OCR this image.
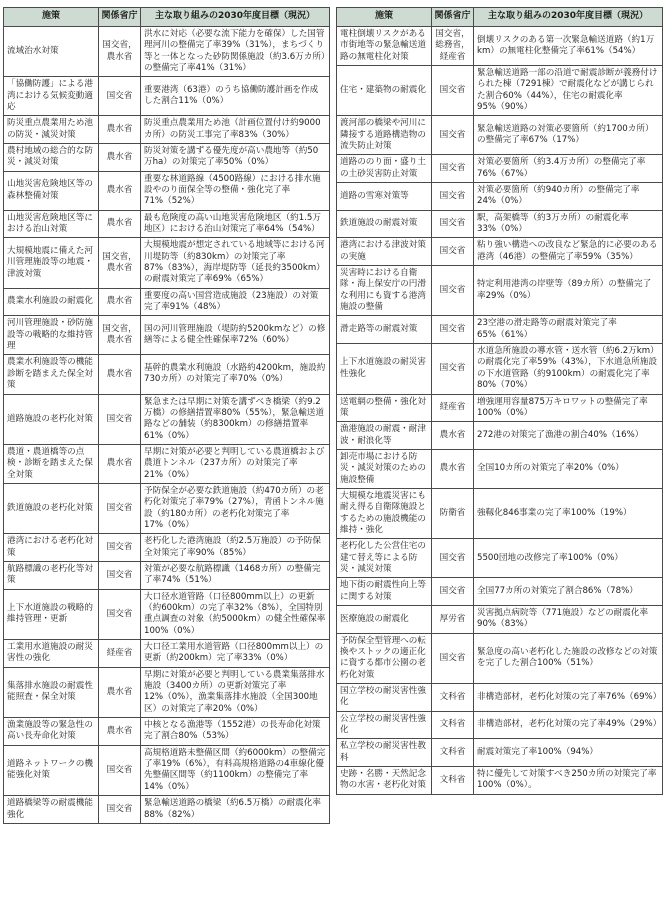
施策	関係省庁	主な取り組みの2030年度目標（現況）
流域治水対策	国交省，農水省	洪水に対応（必要な流下能力を確保）した国管理河川の整備完了率39%（31%），まちづくり等と一体となった砂防関係施設（約3.6万カ所）の整備完了率41%（31%）
「協働防護」による港湾における気候変動適応	国交省	重要港湾（63港）のうち協働防護計画を作成した割合11%（0%）
防災重点農業用ため池の防災・減災対策	農水省	防災重点農業用ため池（計画位置付け約9000カ所）の防災工事完了率83%（30%）
農村地域の総合的な防災・減災対策	農水省	防災対策を講ずる優先度が高い農地等（約50万ha）の対策完了率50%（0%）
山地災害危険地区等の森林整備対策	農水省	重要な林道路線（4500路線）における排水施設やのり面保全等の整備・強化完了率71%（52%）
山地災害危険地区等における治山対策	農水省	最も危険度の高い山地災害危険地区（約1.5万地区）における治山対策完了率64%（54%）
大規模地震に備えた河川管理施設等の地震・津波対策	国交省，農水省	大規模地震が想定されている地域等における河川堤防等（約830km）の対策完了率87%（83%），海岸堤防等（延長約3500km）の耐震対策完了率69%（65%）
農業水利施設の耐震化	農水省	重要度の高い国営造成施設（23施設）の対策完了率91%（48%）
河川管理施設・砂防施設等の戦略的な維持管理	国交省，農水省	国の河川管理施設（堤防約5200kmなど）の修繕等による健全性確保率72%（60%）
農業水利施設等の機能診断を踏まえた保全対策	農水省	基幹的農業水利施設（水路約4200km，施設約730カ所）の対策完了率70%（0%）
道路施設の老朽化対策	国交省	緊急または早期に対策を講ずべき橋梁（約9.2万橋）の修繕措置率80%（55%），緊急輸送道路などの舗装（約8300km）の修繕措置率61%（0%）
農道・農道橋等の点検・診断を踏まえた保全対策	農水省	早期に対策が必要と判明している農道橋および農道トンネル（237カ所）の対策完了率21%（0%）
鉄道施設の老朽化対策	国交省	予防保全が必要な鉄道施設（約470カ所）の老朽化対策完了率79%（27%），青函トンネル施設（約180カ所）の老朽化対策完了率17%（0%）
港湾における老朽化対策	国交省	老朽化した港湾施設（約2.5万施設）の予防保全対策完了率90%（85%）
航路標識の老朽化等対策	国交省	対策が必要な航路標識（1468カ所）の整備完了率74%（51%）
上下水道施設の戦略的維持管理・更新	国交省	大口径水道管路（口径800mm以上）の更新（約600km）の完了率32%（8%），全国特別重点調査の対象（約5000km）の健全性確保率100%（0%）
工業用水道施設の耐災害性の強化	経産省	大口径工業用水道管路（口径800mm以上）の更新（約200km）完了率33%（0%）
集落排水施設の耐震性能照査・保全対策	農水省	早期に対策が必要と判明している農業集落排水施設（3400カ所）の更新対策完了率12%（0%），漁業集落排水施設（全国300地区）の対策完了率20%（0%）
漁業施設等の緊急性の高い長寿命化対策	農水省	中核となる漁港等（1552港）の長寿命化対策完了割合80%（53%）
道路ネットワークの機能強化対策	国交省	高規格道路未整備区間（約6000km）の整備完了率19%（6%），有料高規格道路の4車線化優先整備区間等（約1100km）の整備完了率14%（0%）
道路橋梁等の耐震機能強化	国交省	緊急輸送道路の橋梁（約6.5万橋）の耐震化率88%（82%）
施策	関係省庁	主な取り組みの2030年度目標（現況）
電柱倒壊リスクがある市街地等の緊急輸送道路の無電柱化対策	国交省，総務省，経産省	倒壊リスクのある第一次緊急輸送道路（約1万km）の無電柱化整備完了率61%（54%）
住宅・建築物の耐震化	国交省	緊急輸送道路一部の沿道で耐震診断が義務付けられた棟（7291棟）で耐震化などが講じられた割合60%（44%），住宅の耐震化率95%（90%）
渡河部の橋梁や河川に隣接する道路構造物の流失防止対策	国交省	緊急輸送道路の対策必要箇所（約1700カ所）の整備完了率67%（17%）
道路ののり面・盛り土の土砂災害防止対策	国交省	対策必要箇所（約3.4万カ所）の整備完了率76%（67%）
道路の雪寒対策等	国交省	対策必要箇所（約940カ所）の整備完了率24%（0%）
鉄道施設の耐震対策	国交省	駅，高架橋等（約3万カ所）の耐震化率33%（0%）
港湾における津波対策の実施	国交省	粘り強い構造への改良など緊急的に必要のある港湾（46港）の整備完了率59%（35%）
災害時における自衛隊・海上保安庁の円滑な利用にも資する港湾施設の整備	国交省	特定利用港湾の岸壁等（89カ所）の整備完了率29%（0%）
滑走路等の耐震対策	国交省	23空港の滑走路等の耐震対策完了率65%（61%）
上下水道施設の耐災害性強化	国交省	水道急所施設の導水管・送水管（約6.2万km）の耐震化完了率59%（43%），下水道急所施設の下水道管路（約9100km）の耐震化完了率80%（70%）
送電網の整備・強化対策	経産省	増強運用容量875万キロワットの整備完了率100%（0%）
漁港施設の耐震・耐津波・耐浪化等	農水省	272港の対策完了漁港の割合40%（16%）
卸売市場における防災・減災対策のための施設整備	農水省	全国10カ所の対策完了率20%（0%）
大規模な地震災害にも耐え得る自衛隊施設とするための施設機能の維持・強化	防衛省	強靱化846事業の完了率100%（19%）
老朽化した公営住宅の建て替え等による防災・減災対策	国交省	5500団地の改修完了率100%（0%）
地下街の耐震性向上等に関する対策	国交省	全国77カ所の対策完了割合86%（78%）
医療施設の耐震化	厚労省	災害拠点病院等（771施設）などの耐震化率90%（83%）
予防保全型管理への転換やストックの適正化に資する都市公園の老朽化対策	国交省	緊急度の高い老朽化した施設の改修などの対策を完了した割合100%（51%）
国立学校の耐災害性強化	文科省	非構造部材，老朽化対策の完了率76%（69%）
公立学校の耐災害性強化	文科省	非構造部材，老朽化対策の完了率49%（29%）
私立学校の耐災害性教科	文科省	耐震対策完了率100%（94%）
史跡・名勝・天然記念物の水害・老朽化対策	文科省	特に優先して対策すべき250カ所の対策完了率100%（0%）。
